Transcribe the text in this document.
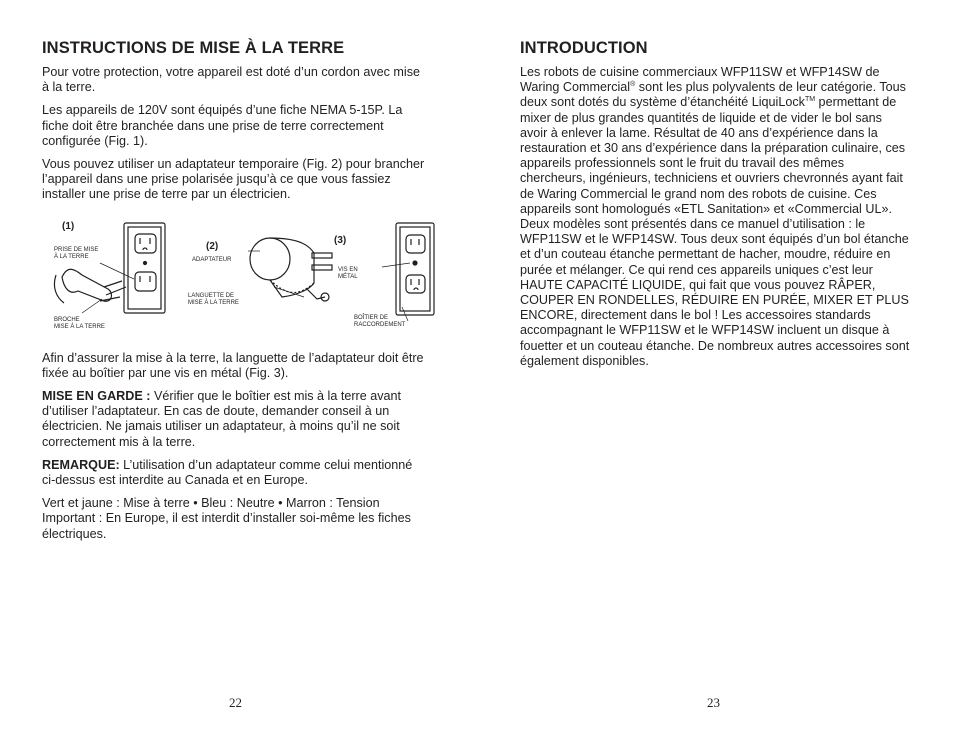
INSTRUCTIONS DE MISE À LA TERRE

Pour votre protection, votre appareil est doté d’un cordon avec mise à la terre.

Les appareils de 120V sont équipés d’une fiche NEMA 5-15P. La fiche doit être branchée dans une prise de terre correctement configurée (Fig. 1).

Vous pouvez utiliser un adaptateur temporaire (Fig. 2) pour brancher l’appareil dans une prise polarisée jusqu’à ce que vous fassiez installer une prise de terre par un électricien.

(1)
PRISE DE MISE
À LA TERRE
BROCHE
MISE À LA TERRE
(2)
ADAPTATEUR
LANGUETTE DE
MISE À LA TERRE
(3)
VIS EN
MÉTAL
BOÎTIER DE
RACCORDEMENT

Afin d’assurer la mise à la terre, la languette de l’adaptateur doit être fixée au boîtier par une vis en métal (Fig. 3).

MISE EN GARDE : Vérifier que le boîtier est mis à la terre avant d’utiliser l’adaptateur. En cas de doute, demander conseil à un électricien. Ne jamais utiliser un adaptateur, à moins qu’il ne soit correctement mis à la terre.

REMARQUE: L’utilisation d’un adaptateur comme celui mentionné ci-dessus est interdite au Canada et en Europe.

Vert et jaune : Mise à terre • Bleu : Neutre • Marron : Tension Important : En Europe, il est interdit d’installer soi-même les fiches électriques.

INTRODUCTION

Les robots de cuisine commerciaux WFP11SW et WFP14SW de Waring Commercial® sont les plus polyvalents de leur catégorie. Tous deux sont dotés du système d’étanchéité LiquiLock™ permettant de mixer de plus grandes quantités de liquide et de vider le bol sans avoir à enlever la lame. Résultat de 40 ans d’expérience dans la restauration et 30 ans d’expérience dans la préparation culinaire, ces appareils professionnels sont le fruit du travail des mêmes chercheurs, ingénieurs, techniciens et ouvriers chevronnés ayant fait de Waring Commercial le grand nom des robots de cuisine. Ces appareils sont homologués «ETL Sanitation» et «Commercial UL». Deux modèles sont présentés dans ce manuel d’utilisation : le WFP11SW et le WFP14SW. Tous deux sont équipés d’un bol étanche et d’un couteau étanche permettant de hacher, moudre, réduire en purée et mélanger. Ce qui rend ces appareils uniques c’est leur HAUTE CAPACITÉ LIQUIDE, qui fait que vous pouvez RÂPER, COUPER EN RONDELLES, RÉDUIRE EN PURÉE, MIXER ET PLUS ENCORE, directement dans le bol ! Les accessoires standards accompagnant le WFP11SW et le WFP14SW incluent un disque à fouetter et un couteau étanche. De nombreux autres accessoires sont également disponibles.

22	23
